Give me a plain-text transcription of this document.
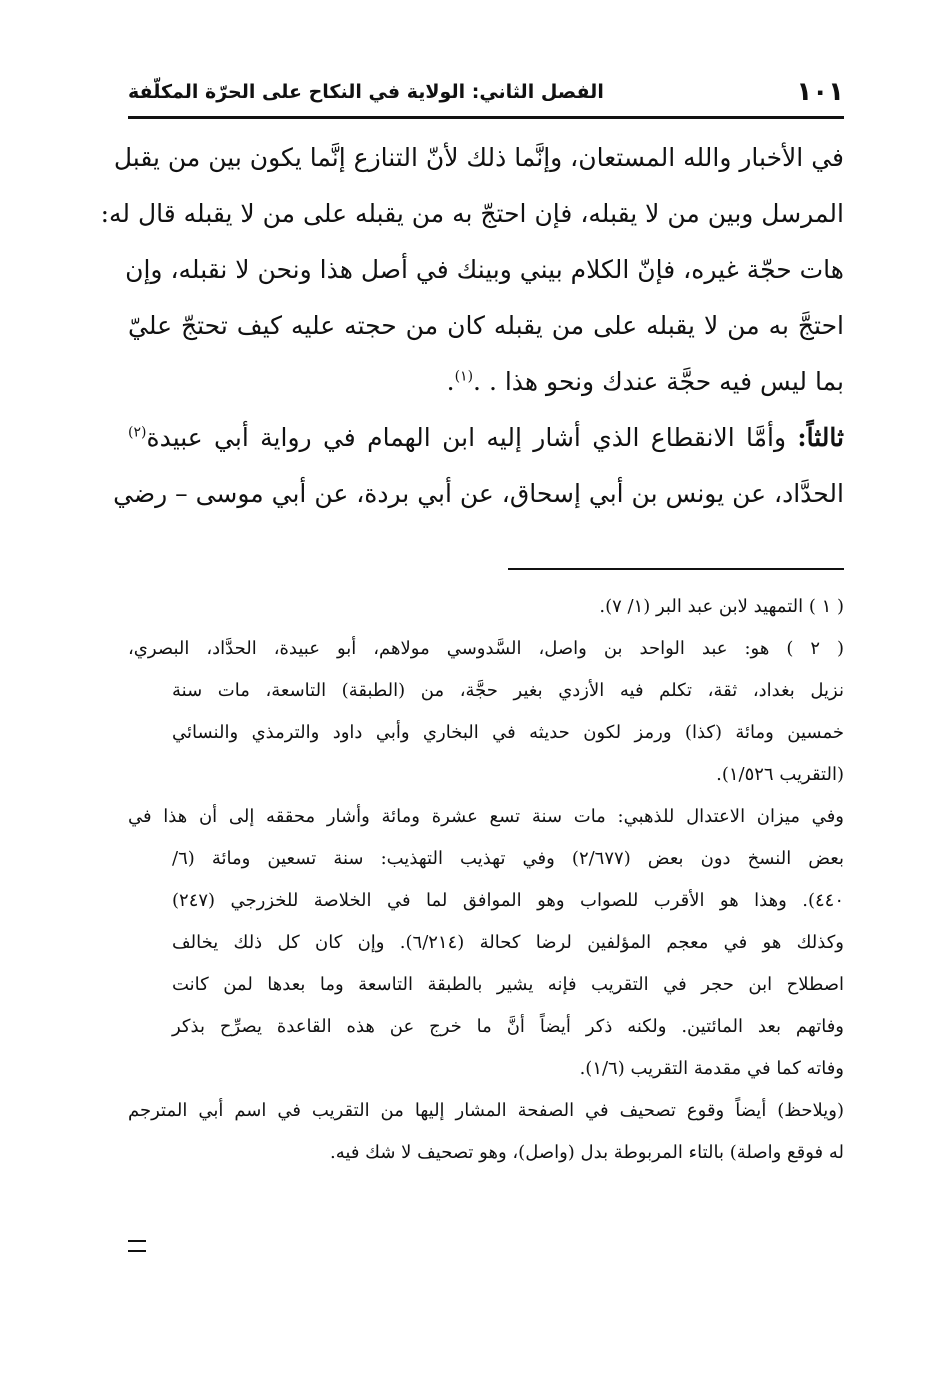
١٠١
الفصل الثاني: الولاية في النكاح على الحرّة المكلّفة
في الأخبار والله المستعان، وإنَّما ذلك لأنّ التنازع إنَّما يكون بين من يقبل
المرسل وبين من لا يقبله، فإن احتجّ به من يقبله على من لا يقبله قال له:
هات حجّة غيره، فإنّ الكلام بيني وبينك في أصل هذا ونحن لا نقبله، وإن
احتجَّ به من لا يقبله على من يقبله كان من حجته عليه كيف تحتجّ عليّ
بما ليس فيه حجَّة عندك ونحو هذا . .$^{(١)}$.
ثالثاً: وأمَّا الانقطاع الذي أشار إليه ابن الهمام في رواية أبي عبيدة$^{(٢)}$
الحدَّاد، عن يونس بن أبي إسحاق، عن أبي بردة، عن أبي موسى – رضي
( ١ ) التمهيد لابن عبد البر (١/ ٧).
( ٢ ) هو: عبد الواحد بن واصل، السَّدوسي مولاهم، أبو عبيدة، الحدَّاد، البصري،
نزيل بغداد، ثقة، تكلم فيه الأزدي بغير حجَّة، من (الطبقة) التاسعة، مات سنة
خمسين ومائة (كذا) ورمز لكون حديثه في البخاري وأبي داود والترمذي والنسائي
(التقريب ١/٥٢٦).
وفي ميزان الاعتدال للذهبي: مات سنة تسع عشرة ومائة وأشار محققه إلى أن هذا في
بعض النسخ دون بعض (٢/٦٧٧) وفي تهذيب التهذيب: سنة تسعين ومائة (٦/
٤٤٠). وهذا هو الأقرب للصواب وهو الموافق لما في الخلاصة للخزرجي (٢٤٧)
وكذلك هو في معجم المؤلفين لرضا كحالة (٦/٢١٤). وإن كان كل ذلك يخالف
اصطلاح ابن حجر في التقريب فإنه يشير بالطبقة التاسعة وما بعدها لمن كانت
وفاتهم بعد المائتين. ولكنه ذكر أيضاً أنَّ ما خرج عن هذه القاعدة يصرِّح بذكر
وفاته كما في مقدمة التقريب (١/٦).
(ويلاحظ) أيضاً وقوع تصحيف في الصفحة المشار إليها من التقريب في اسم أبي المترجم
له فوقع واصلة) بالتاء المربوطة بدل (واصل)، وهو تصحيف لا شك فيه.
